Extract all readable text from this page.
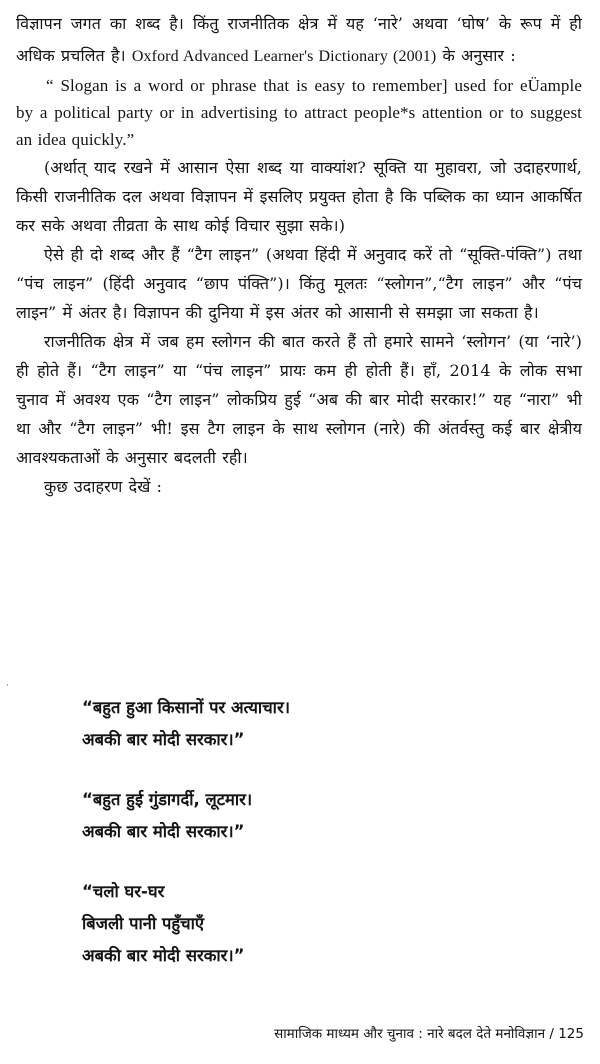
विज्ञापन जगत का शब्द है। किंतु राजनीतिक क्षेत्र में यह ‘नारे’ अथवा ‘घोष’ के रूप में ही अधिक प्रचलित है। Oxford Advanced Learner's Dictionary (2001) के अनुसार :

“ Slogan is a word or phrase that is easy to remember] used for eÜample by a political party or in advertising to attract people*s attention or to suggest an idea quickly.”

(अर्थात् याद रखने में आसान ऐसा शब्द या वाक्यांश? सूक्ति या मुहावरा, जो उदाहरणार्थ, किसी राजनीतिक दल अथवा विज्ञापन में इसलिए प्रयुक्त होता है कि पब्लिक का ध्यान आकर्षित कर सके अथवा तीव्रता के साथ कोई विचार सुझा सके।)

ऐसे ही दो शब्द और हैं “टैग लाइन” (अथवा हिंदी में अनुवाद करें तो “सूक्ति-पंक्ति”) तथा “पंच लाइन” (हिंदी अनुवाद “छाप पंक्ति”)। किंतु मूलतः “स्लोगन”,“टैग लाइन” और “पंच लाइन” में अंतर है। विज्ञापन की दुनिया में इस अंतर को आसानी से समझा जा सकता है।

राजनीतिक क्षेत्र में जब हम स्लोगन की बात करते हैं तो हमारे सामने ‘स्लोगन’ (या ‘नारे’) ही होते हैं। “टैग लाइन” या “पंच लाइन” प्रायः कम ही होती हैं। हाँ, 2014 के लोक सभा चुनाव में अवश्य एक “टैग लाइन” लोकप्रिय हुई “अब की बार मोदी सरकार!” यह “नारा” भी था और “टैग लाइन” भी! इस टैग लाइन के साथ स्लोगन (नारे) की अंतर्वस्तु कई बार क्षेत्रीय आवश्यकताओं के अनुसार बदलती रही।

कुछ उदाहरण देखें :

·
“बहुत हुआ किसानों पर अत्याचार।
अबकी बार मोदी सरकार।”
“बहुत हुई गुंडागर्दी, लूटमार।
अबकी बार मोदी सरकार।”
“चलो घर-घर
बिजली पानी पहुँचाएँ
अबकी बार मोदी सरकार।”
सामाजिक माध्यम और चुनाव : नारे बदल देते मनोविज्ञान / 125
